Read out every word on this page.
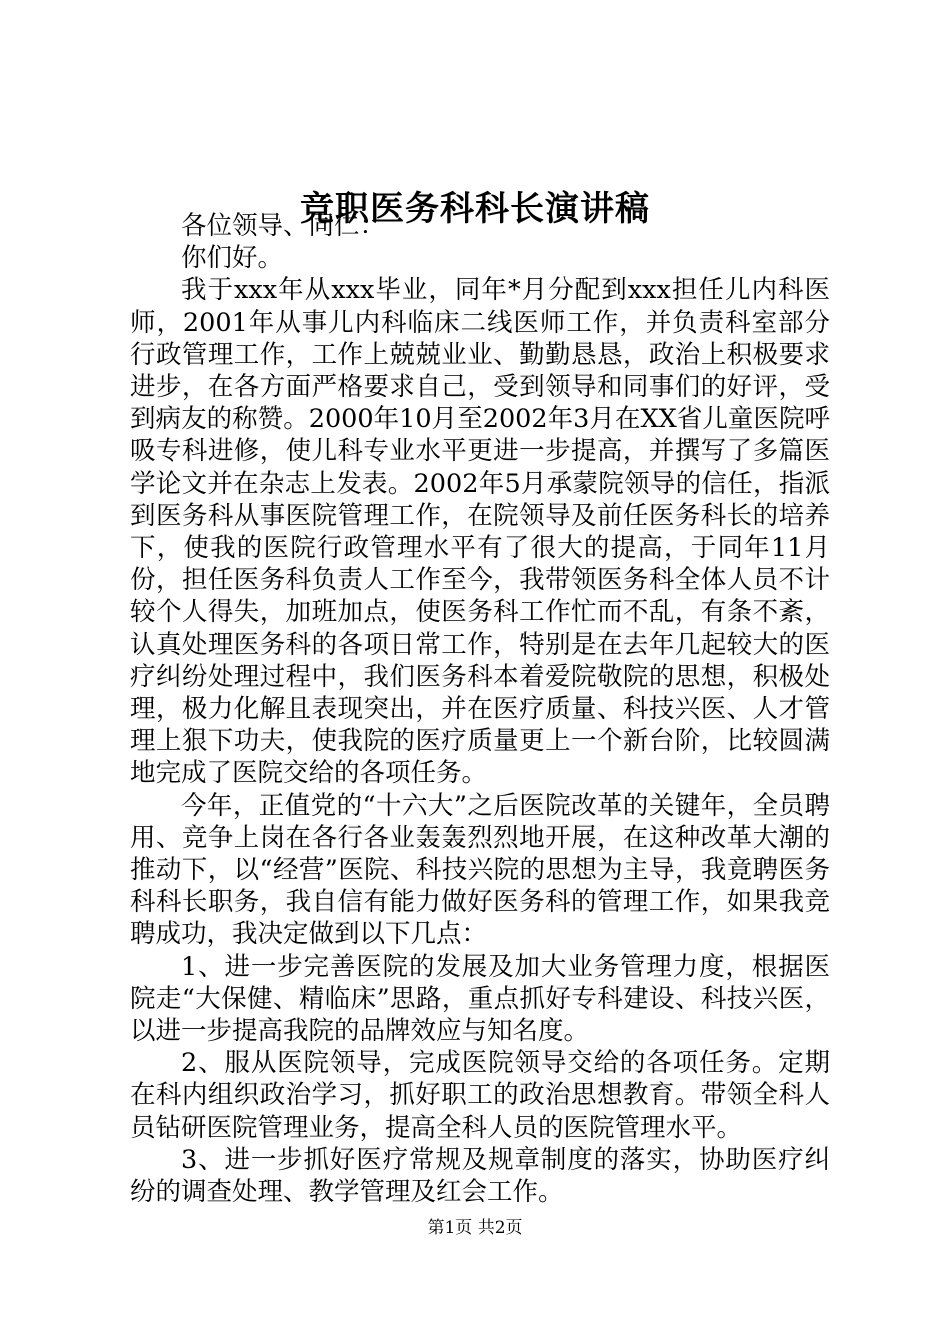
竞职医务科科长演讲稿

各位领导、同仁：

你们好。

我于xxx年从xxx毕业，同年*月分配到xxx担任儿内科医师，2001年从事儿内科临床二线医师工作，并负责科室部分行政管理工作，工作上兢兢业业、勤勤恳恳，政治上积极要求进步，在各方面严格要求自己，受到领导和同事们的好评，受到病友的称赞。2000年10月至2002年3月在XX省儿童医院呼吸专科进修，使儿科专业水平更进一步提高，并撰写了多篇医学论文并在杂志上发表。2002年5月承蒙院领导的信任，指派到医务科从事医院管理工作，在院领导及前任医务科长的培养下，使我的医院行政管理水平有了很大的提高，于同年11月份，担任医务科负责人工作至今，我带领医务科全体人员不计较个人得失，加班加点，使医务科工作忙而不乱，有条不紊，认真处理医务科的各项日常工作，特别是在去年几起较大的医疗纠纷处理过程中，我们医务科本着爱院敬院的思想，积极处理，极力化解且表现突出，并在医疗质量、科技兴医、人才管理上狠下功夫，使我院的医疗质量更上一个新台阶，比较圆满地完成了医院交给的各项任务。

今年，正值党的“十六大”之后医院改革的关键年，全员聘用、竞争上岗在各行各业轰轰烈烈地开展，在这种改革大潮的推动下，以“经营”医院、科技兴院的思想为主导，我竟聘医务科科长职务，我自信有能力做好医务科的管理工作，如果我竞聘成功，我决定做到以下几点：

1、进一步完善医院的发展及加大业务管理力度，根据医院走“大保健、精临床”思路，重点抓好专科建设、科技兴医，以进一步提高我院的品牌效应与知名度。

2、服从医院领导，完成医院领导交给的各项任务。定期在科内组织政治学习，抓好职工的政治思想教育。带领全科人员钻研医院管理业务，提高全科人员的医院管理水平。

3、进一步抓好医疗常规及规章制度的落实，协助医疗纠纷的调查处理、教学管理及红会工作。

第1页 共2页
